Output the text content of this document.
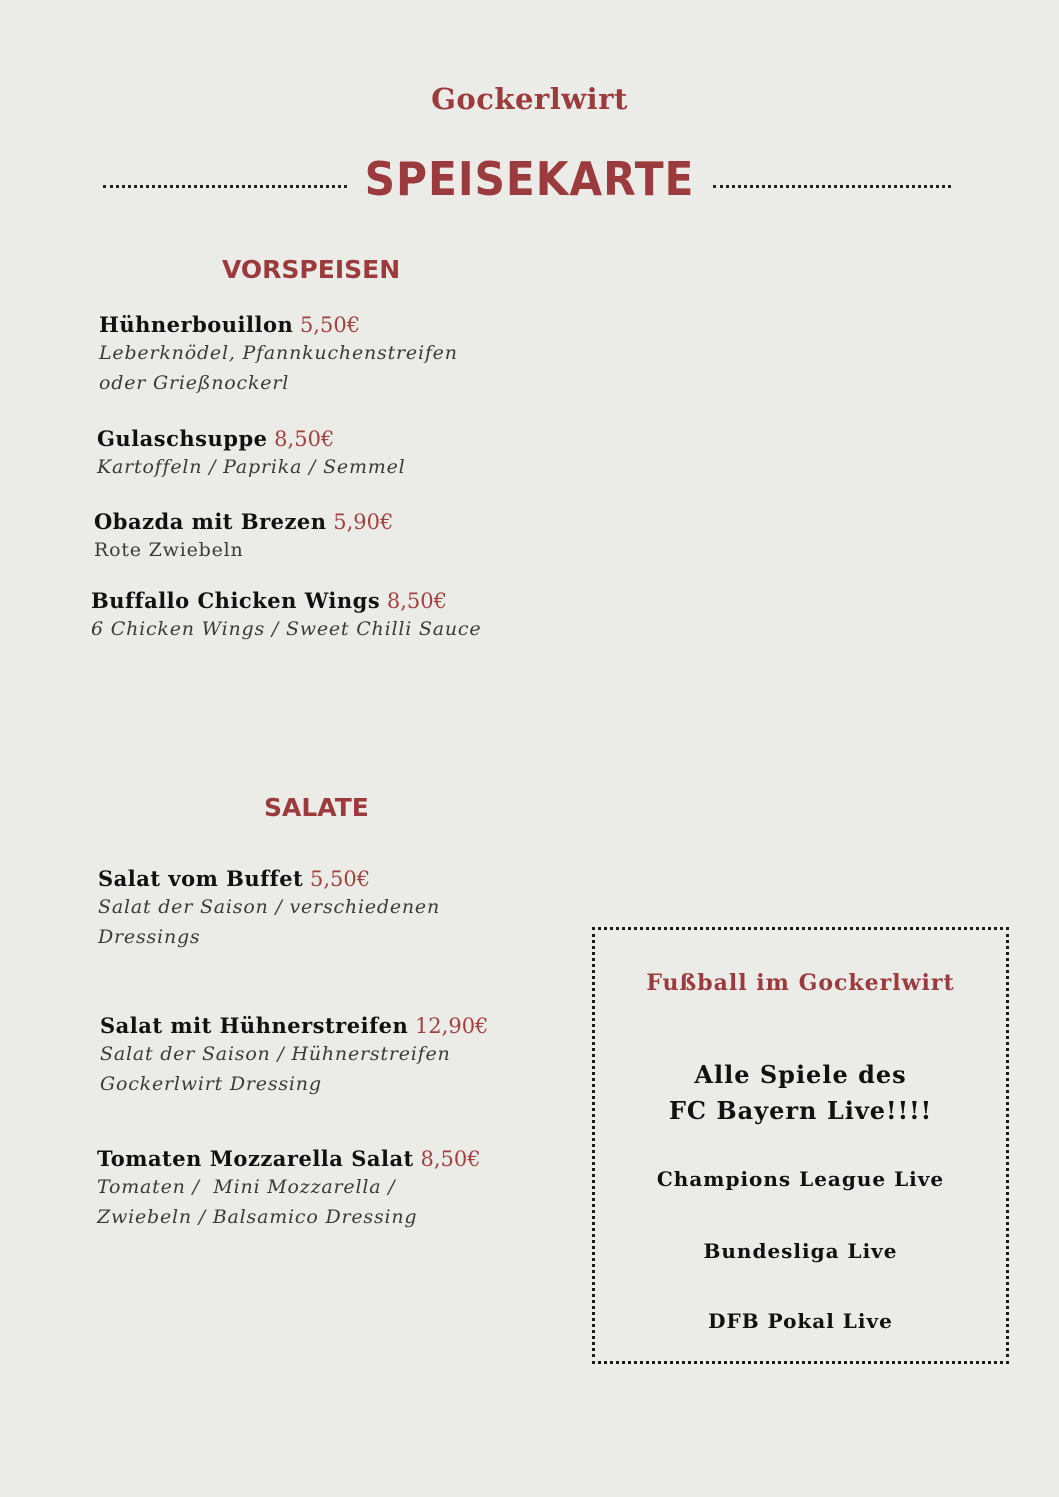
Gockerlwirt
SPEISEKARTE
VORSPEISEN
Hühnerbouillon 5,50€
Leberknödel, Pfannkuchenstreifen
oder Grießnockerl
Gulaschsuppe 8,50€
Kartoffeln / Paprika / Semmel
Obazda mit Brezen 5,90€
Rote Zwiebeln
Buffallo Chicken Wings 8,50€
6 Chicken Wings / Sweet Chilli Sauce
SALATE
Salat vom Buffet 5,50€
Salat der Saison / verschiedenen
Dressings
Salat mit Hühnerstreifen 12,90€
Salat der Saison / Hühnerstreifen
Gockerlwirt Dressing
Tomaten Mozzarella Salat 8,50€
Tomaten /  Mini Mozzarella /
Zwiebeln / Balsamico Dressing
Fußball im Gockerlwirt
Alle Spiele des
FC Bayern Live!!!!
Champions League Live
Bundesliga Live
DFB Pokal Live
